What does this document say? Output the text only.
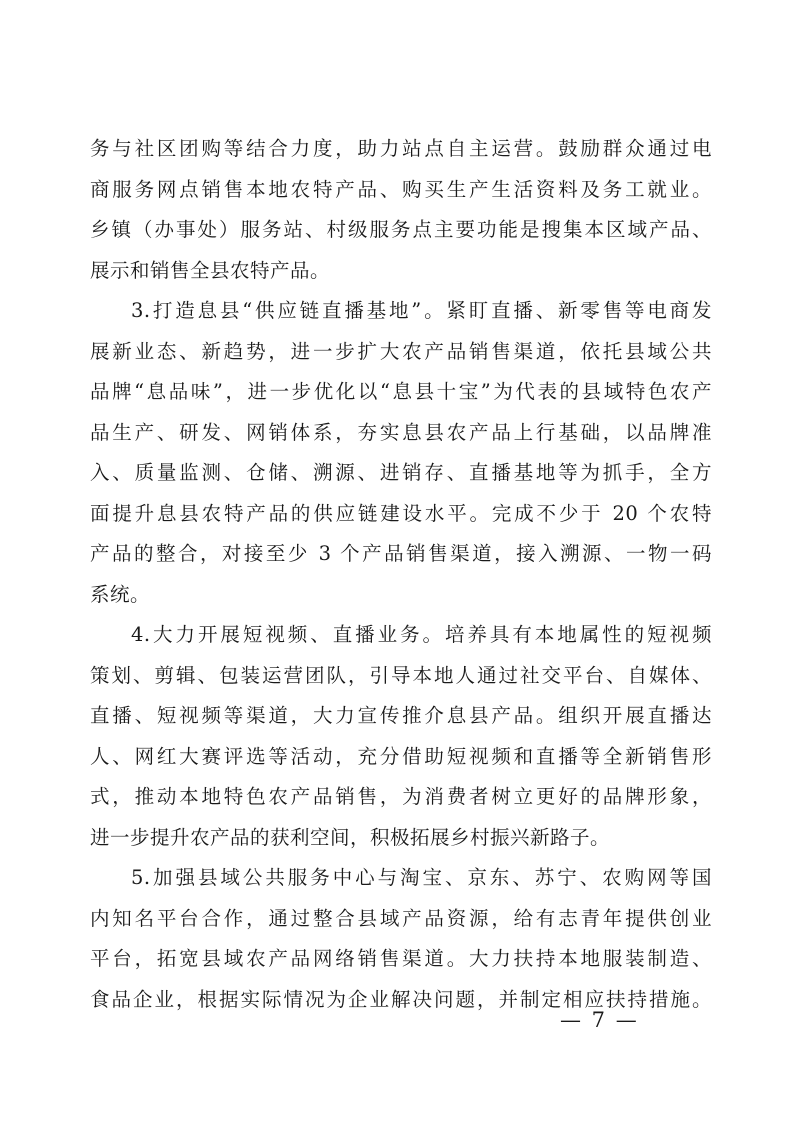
务与社区团购等结合力度，助力站点自主运营。鼓励群众通过电
商服务网点销售本地农特产品、购买生产生活资料及务工就业。
乡镇（办事处）服务站、村级服务点主要功能是搜集本区域产品、
展示和销售全县农特产品。
3.打造息县“供应链直播基地”。紧盯直播、新零售等电商发
展新业态、新趋势，进一步扩大农产品销售渠道，依托县域公共
品牌“息品味”，进一步优化以“息县十宝”为代表的县域特色农产
品生产、研发、网销体系，夯实息县农产品上行基础，以品牌准
入、质量监测、仓储、溯源、进销存、直播基地等为抓手，全方
面提升息县农特产品的供应链建设水平。完成不少于 20 个农特
产品的整合，对接至少 3 个产品销售渠道，接入溯源、一物一码
系统。
4.大力开展短视频、直播业务。培养具有本地属性的短视频
策划、剪辑、包装运营团队，引导本地人通过社交平台、自媒体、
直播、短视频等渠道，大力宣传推介息县产品。组织开展直播达
人、网红大赛评选等活动，充分借助短视频和直播等全新销售形
式，推动本地特色农产品销售，为消费者树立更好的品牌形象，
进一步提升农产品的获利空间，积极拓展乡村振兴新路子。
5.加强县域公共服务中心与淘宝、京东、苏宁、农购网等国
内知名平台合作，通过整合县域产品资源，给有志青年提供创业
平台，拓宽县域农产品网络销售渠道。大力扶持本地服装制造、
食品企业，根据实际情况为企业解决问题，并制定相应扶持措施。
— 7 —
